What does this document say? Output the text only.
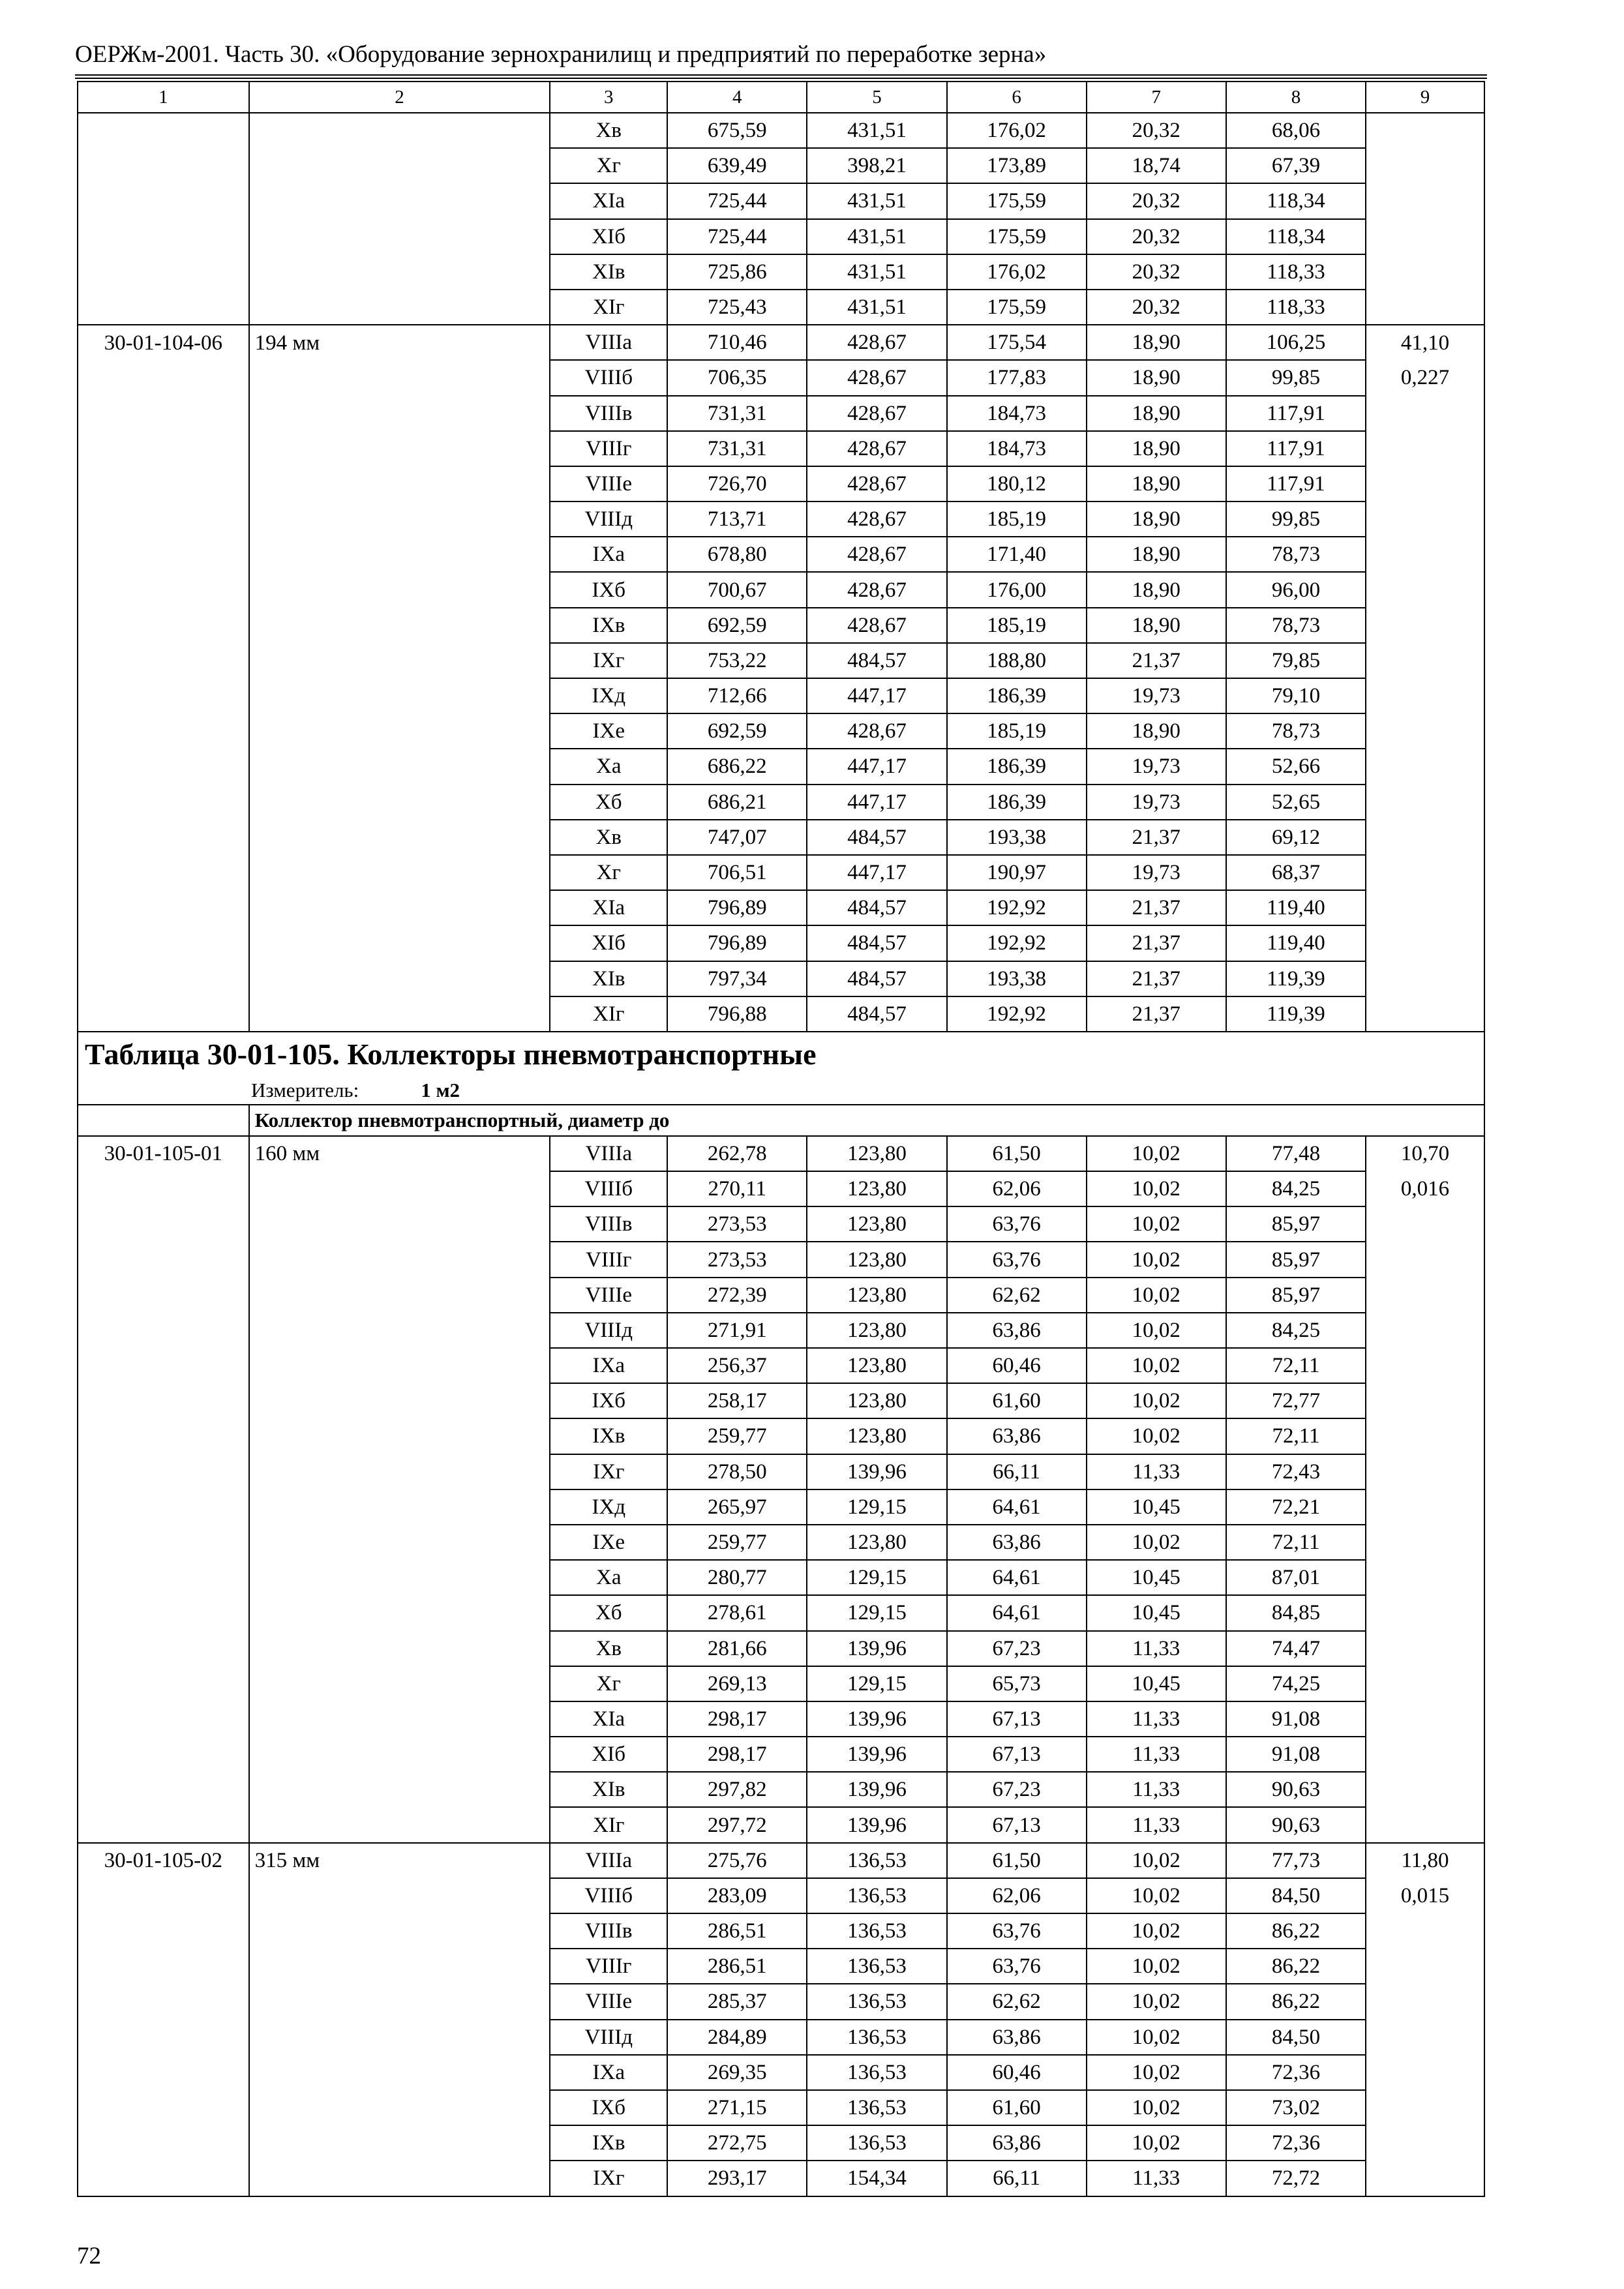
ОЕРЖм-2001. Часть 30. «Оборудование зернохранилищ и предприятий по переработке зерна»
1	2	3	4	5	6	7	8	9
		Хв	675,59	431,51	176,02	20,32	68,06	
		Хг	639,49	398,21	173,89	18,74	67,39	
		XIа	725,44	431,51	175,59	20,32	118,34	
		XIб	725,44	431,51	175,59	20,32	118,34	
		XIв	725,86	431,51	176,02	20,32	118,33	
		XIг	725,43	431,51	175,59	20,32	118,33	
30-01-104-06	194 мм	VIIIа	710,46	428,67	175,54	18,90	106,25	41,10
		VIIIб	706,35	428,67	177,83	18,90	99,85	0,227
		VIIIв	731,31	428,67	184,73	18,90	117,91	
		VIIIг	731,31	428,67	184,73	18,90	117,91	
		VIIIе	726,70	428,67	180,12	18,90	117,91	
		VIIIд	713,71	428,67	185,19	18,90	99,85	
		IXа	678,80	428,67	171,40	18,90	78,73	
		IXб	700,67	428,67	176,00	18,90	96,00	
		IXв	692,59	428,67	185,19	18,90	78,73	
		IXг	753,22	484,57	188,80	21,37	79,85	
		IXд	712,66	447,17	186,39	19,73	79,10	
		IXе	692,59	428,67	185,19	18,90	78,73	
		Ха	686,22	447,17	186,39	19,73	52,66	
		Хб	686,21	447,17	186,39	19,73	52,65	
		Хв	747,07	484,57	193,38	21,37	69,12	
		Хг	706,51	447,17	190,97	19,73	68,37	
		XIа	796,89	484,57	192,92	21,37	119,40	
		XIб	796,89	484,57	192,92	21,37	119,40	
		XIв	797,34	484,57	193,38	21,37	119,39	
		XIг	796,88	484,57	192,92	21,37	119,39	
Таблица 30-01-105. Коллекторы пневмотранспортные								
Измеритель: 1 м2								
	Коллектор пневмотранспортный, диаметр до							
30-01-105-01	160 мм	VIIIа	262,78	123,80	61,50	10,02	77,48	10,70
		VIIIб	270,11	123,80	62,06	10,02	84,25	0,016
		VIIIв	273,53	123,80	63,76	10,02	85,97	
		VIIIг	273,53	123,80	63,76	10,02	85,97	
		VIIIе	272,39	123,80	62,62	10,02	85,97	
		VIIIд	271,91	123,80	63,86	10,02	84,25	
		IXа	256,37	123,80	60,46	10,02	72,11	
		IXб	258,17	123,80	61,60	10,02	72,77	
		IXв	259,77	123,80	63,86	10,02	72,11	
		IXг	278,50	139,96	66,11	11,33	72,43	
		IXд	265,97	129,15	64,61	10,45	72,21	
		IXе	259,77	123,80	63,86	10,02	72,11	
		Ха	280,77	129,15	64,61	10,45	87,01	
		Хб	278,61	129,15	64,61	10,45	84,85	
		Хв	281,66	139,96	67,23	11,33	74,47	
		Хг	269,13	129,15	65,73	10,45	74,25	
		XIа	298,17	139,96	67,13	11,33	91,08	
		XIб	298,17	139,96	67,13	11,33	91,08	
		XIв	297,82	139,96	67,23	11,33	90,63	
		XIг	297,72	139,96	67,13	11,33	90,63	
30-01-105-02	315 мм	VIIIа	275,76	136,53	61,50	10,02	77,73	11,80
		VIIIб	283,09	136,53	62,06	10,02	84,50	0,015
		VIIIв	286,51	136,53	63,76	10,02	86,22	
		VIIIг	286,51	136,53	63,76	10,02	86,22	
		VIIIе	285,37	136,53	62,62	10,02	86,22	
		VIIIд	284,89	136,53	63,86	10,02	84,50	
		IXа	269,35	136,53	60,46	10,02	72,36	
		IXб	271,15	136,53	61,60	10,02	73,02	
		IXв	272,75	136,53	63,86	10,02	72,36	
		IXг	293,17	154,34	66,11	11,33	72,72	
72
